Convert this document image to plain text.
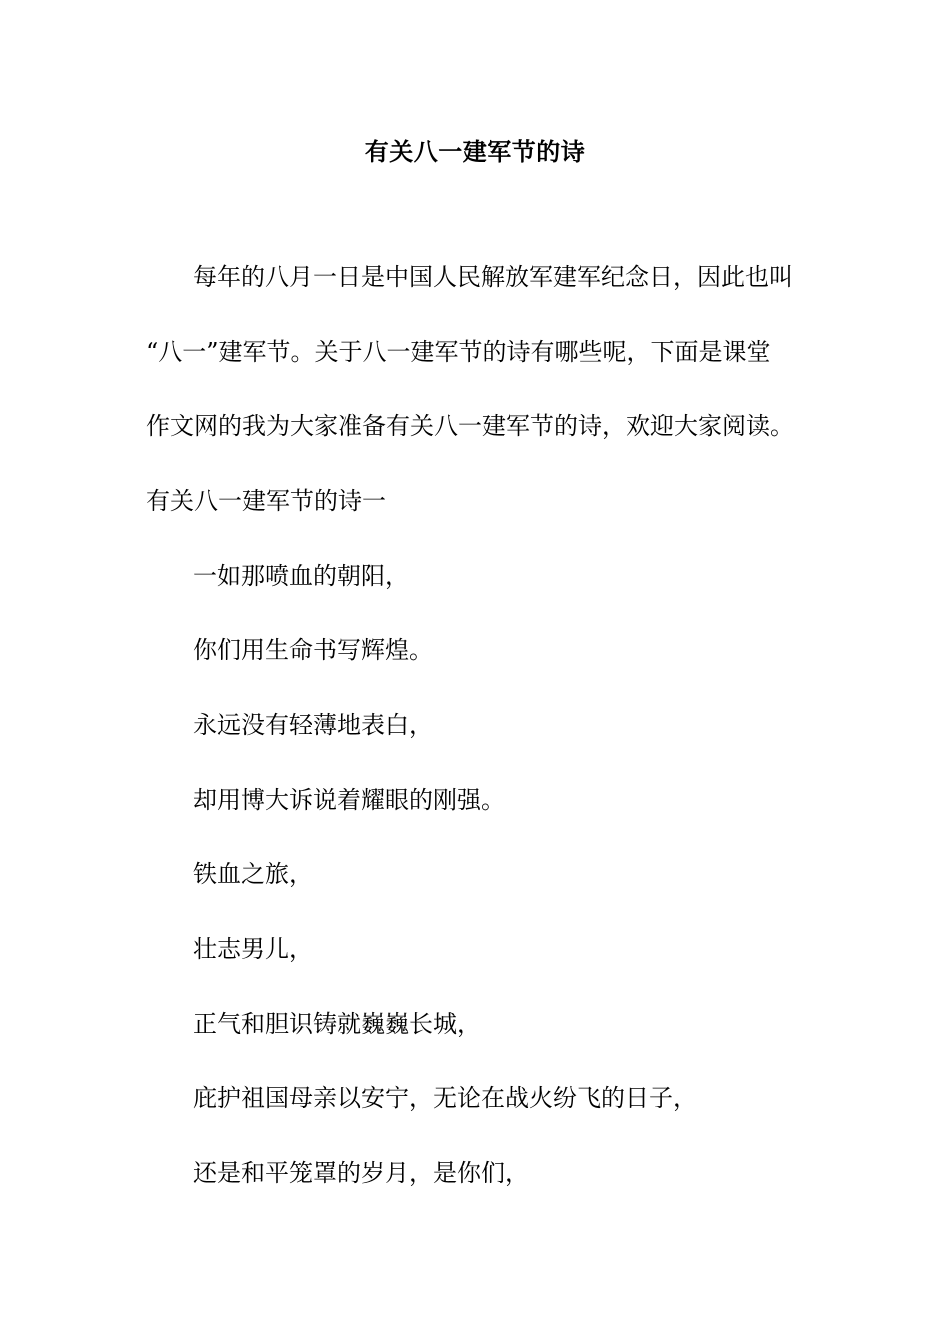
有关八一建军节的诗
每年的八月一日是中国人民解放军建军纪念日，因此也叫
“八一”建军节。关于八一建军节的诗有哪些呢，下面是课堂
作文网的我为大家准备有关八一建军节的诗，欢迎大家阅读。
有关八一建军节的诗一
一如那喷血的朝阳，
你们用生命书写辉煌。
永远没有轻薄地表白，
却用博大诉说着耀眼的刚强。
铁血之旅，
壮志男儿，
正气和胆识铸就巍巍长城，
庇护祖国母亲以安宁，无论在战火纷飞的日子，
还是和平笼罩的岁月，是你们，
